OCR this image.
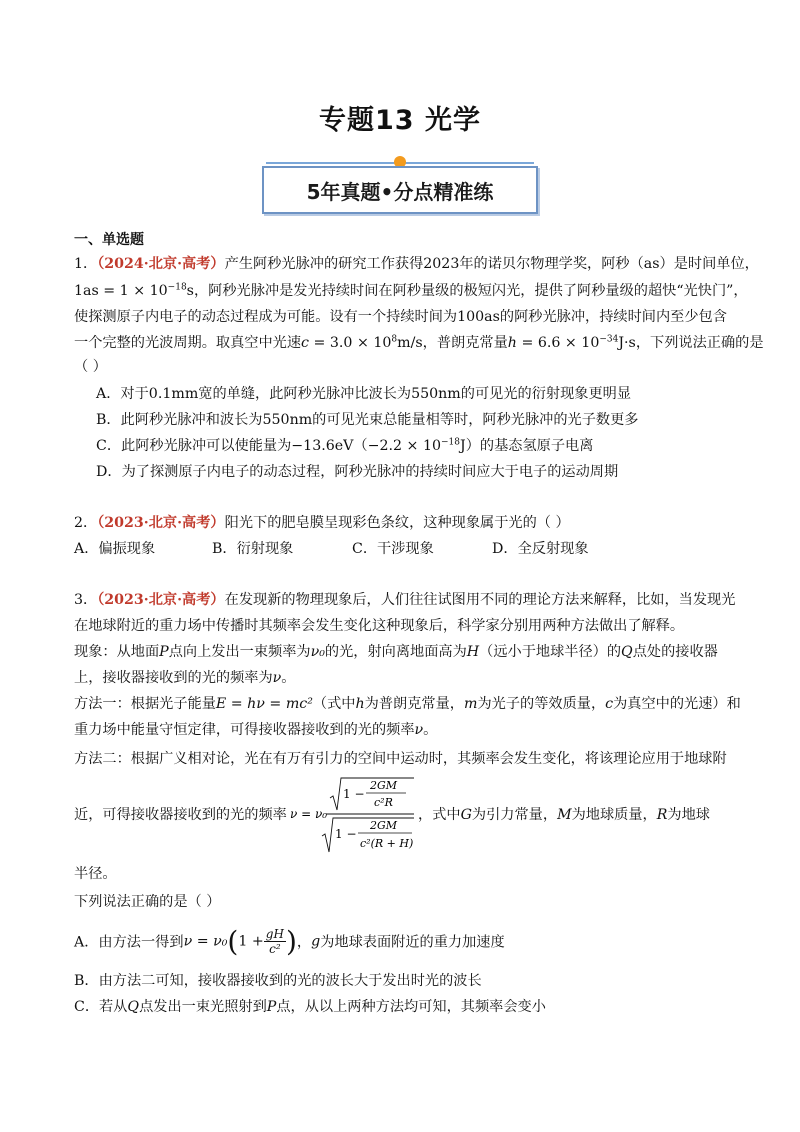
专题13 光学
5年真题•分点精准练
一、单选题
1．（2024·北京·高考）产生阿秒光脉冲的研究工作获得2023年的诺贝尔物理学奖，阿秒（as）是时间单位，
$1as = 1 \times 10^{-18}s$，阿秒光脉冲是发光持续时间在阿秒量级的极短闪光，提供了阿秒量级的超快“光快门”，
使探测原子内电子的动态过程成为可能。设有一个持续时间为100as的阿秒光脉冲，持续时间内至少包含
一个完整的光波周期。取真空中光速$c = 3.0 \times 10^8m/s$，普朗克常量$h = 6.6 \times 10^{-34}J\cdot s$，下列说法正确的是
（ ）
A．对于0.1mm宽的单缝，此阿秒光脉冲比波长为550nm的可见光的衍射现象更明显
B．此阿秒光脉冲和波长为550nm的可见光束总能量相等时，阿秒光脉冲的光子数更多
C．此阿秒光脉冲可以使能量为$-13.6eV(-2.2 \times 10^{-18}J)$的基态氢原子电离
D．为了探测原子内电子的动态过程，阿秒光脉冲的持续时间应大于电子的运动周期
2．（2023·北京·高考）阳光下的肥皂膜呈现彩色条纹，这种现象属于光的（ ）
A．偏振现象	B．衍射现象	C．干涉现象	D．全反射现象
3．（2023·北京·高考）在发现新的物理现象后，人们往往试图用不同的理论方法来解释，比如，当发现光
在地球附近的重力场中传播时其频率会发生变化这种现象后，科学家分别用两种方法做出了解释。
现象：从地面P点向上发出一束频率为ν₀的光，射向离地面高为H（远小于地球半径）的Q点处的接收器
上，接收器接收到的光的频率为ν。
方法一：根据光子能量E = hν = mc²（式中h为普朗克常量，m为光子的等效质量，c为真空中的光速）和
重力场中能量守恒定律，可得接收器接收到的光的频率ν。
方法二：根据广义相对论，光在有万有引力的空间中运动时，其频率会发生变化，将该理论应用于地球附
近，可得接收器接收到的光的频率 ν = ν₀
1 −
2GM
c²R
1 −
2GM
c²(R + H)
，式中G为引力常量，M为地球质量，R为地球
半径。
下列说法正确的是（ ）
A．由方法一得到$\nu = \nu_0(1 + \frac{gH}{\text{c²}}$ )，g为地球表面附近的重力加速度
B．由方法二可知，接收器接收到的光的波长大于发出时光的波长
C．若从Q点发出一束光照射到P点，从以上两种方法均可知，其频率会变小
